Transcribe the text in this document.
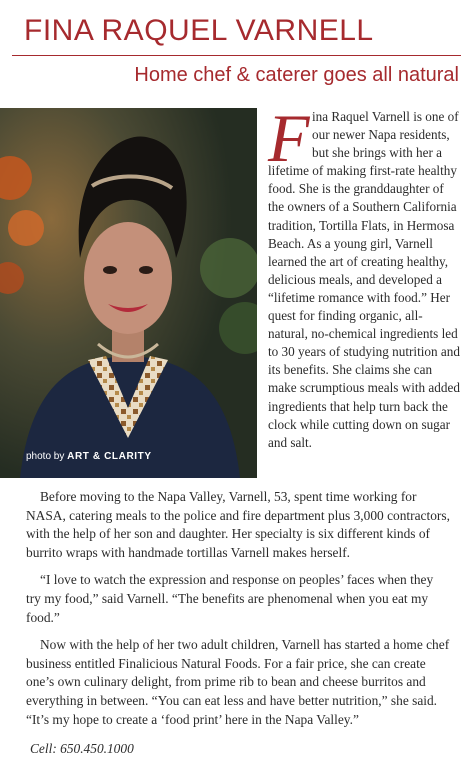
FINA RAQUEL VARNELL
Home chef & caterer goes all natural
photo by ART & CLARITY
F ina Raquel Varnell is one of our newer Napa residents, but she brings with her a lifetime of making first-rate healthy food. She is the granddaughter of the owners of a Southern California tradition, Tortilla Flats, in Hermosa Beach. As a young girl, Varnell learned the art of creating healthy, delicious meals, and developed a “lifetime romance with food.” Her quest for finding organic, all-natural, no-chemical ingredients led to 30 years of studying nutrition and its benefits. She claims she can make scrumptious meals with added ingredients that help turn back the clock while cutting down on sugar and salt.

Before moving to the Napa Valley, Varnell, 53, spent time working for NASA, catering meals to the police and fire department plus 3,000 contractors, with the help of her son and daughter. Her specialty is six different kinds of burrito wraps with handmade tortillas Varnell makes herself.

“I love to watch the expression and response on peoples’ faces when they try my food,” said Varnell. “The benefits are phenomenal when you eat my food.”

Now with the help of her two adult children, Varnell has started a home chef business entitled Finalicious Natural Foods. For a fair price, she can create one’s own culinary delight, from prime rib to bean and cheese burritos and everything in between. “You can eat less and have better nutrition,” she said. “It’s my hope to create a ‘food print’ here in the Napa Valley.”

Cell: 650.450.1000
